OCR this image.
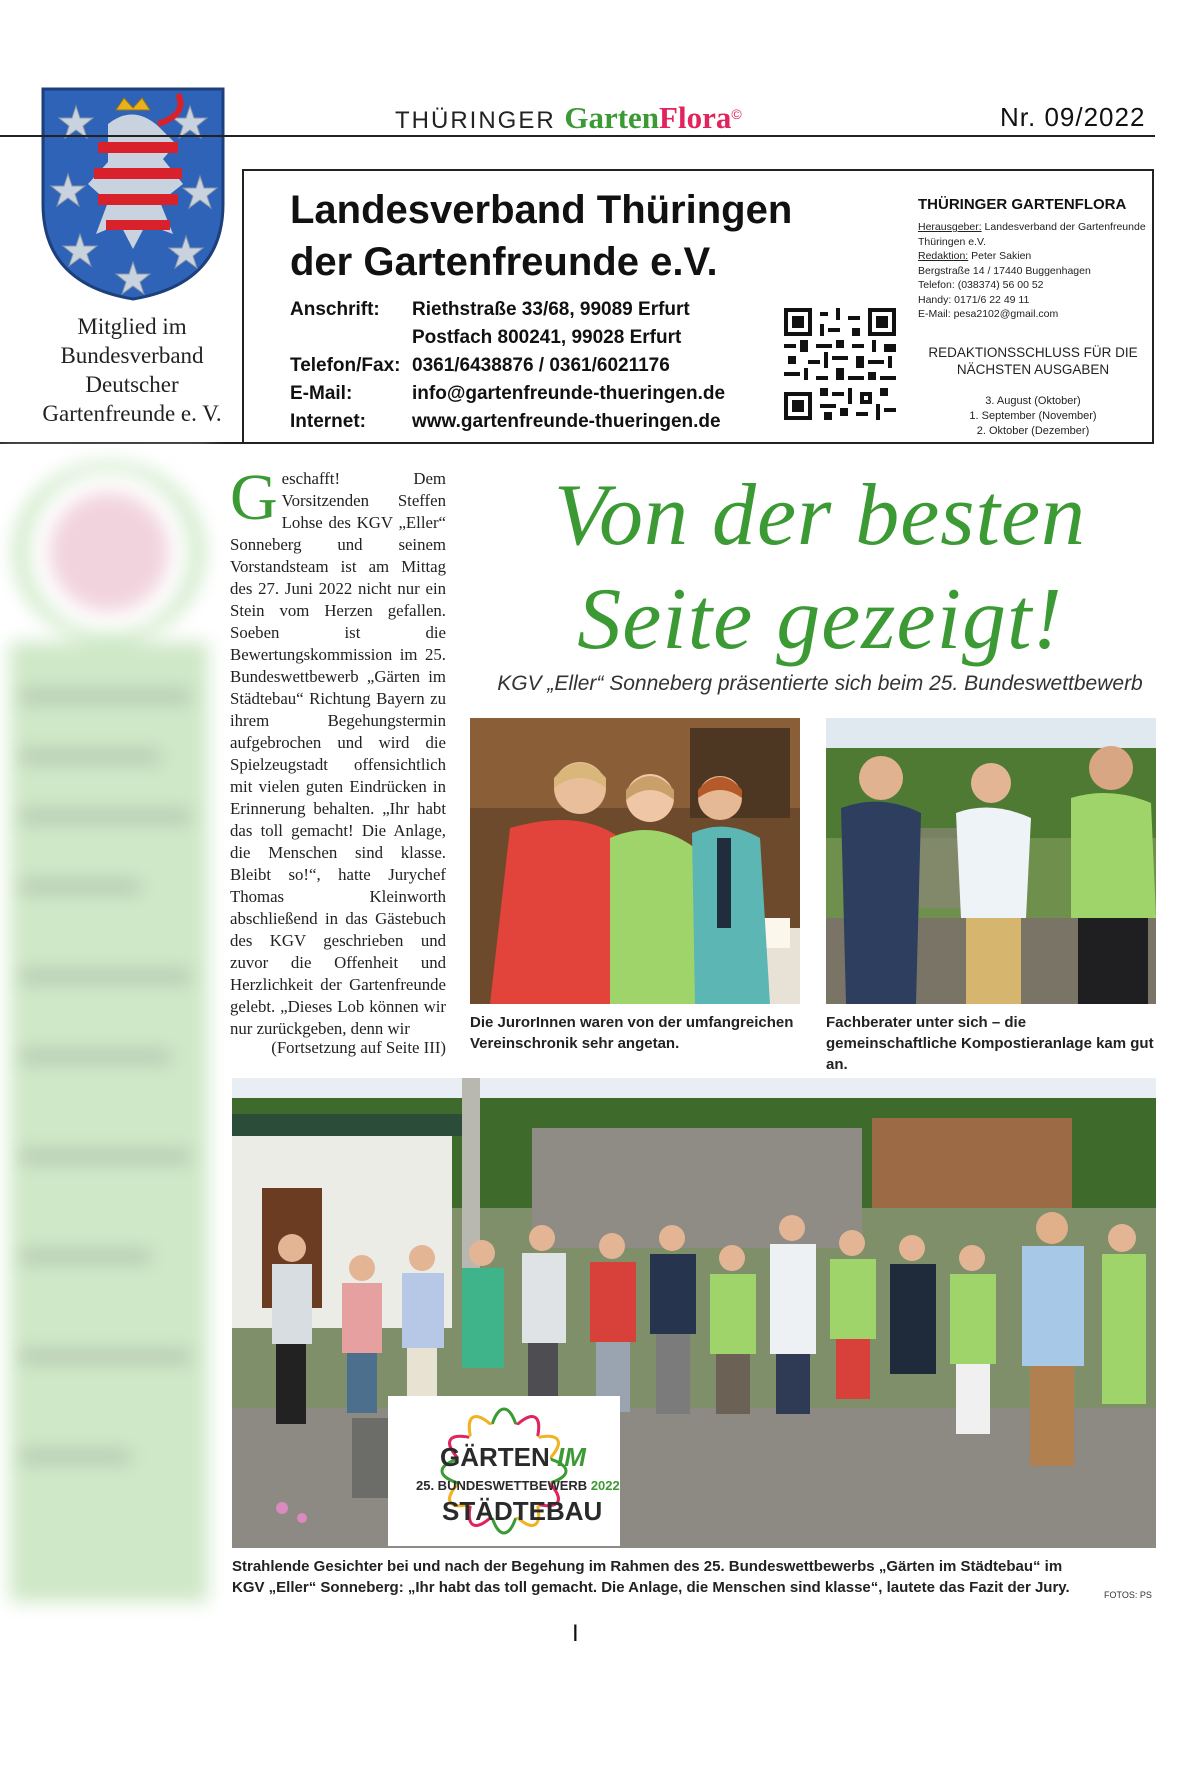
Mitglied im
Bundesverband
Deutscher
Gartenfreunde e. V.
THÜRINGER GartenFlora©	Nr. 09/2022
Landesverband Thüringen
der Gartenfreunde e.V.
Anschrift:	Riethstraße 33/68, 99089 Erfurt
Postfach 800241, 99028 Erfurt
Telefon/Fax: 0361/6438876 / 0361/6021176
E-Mail:	info@gartenfreunde-thueringen.de
Internet:	www.gartenfreunde-thueringen.de
THÜRINGER GARTENFLORA
Herausgeber: Landesverband der Gartenfreunde Thüringen e.V.
Redaktion: Peter Sakien
Bergstraße 14 / 17440 Buggenhagen
Telefon: (038374) 56 00 52
Handy: 0171/6 22 49 11
E-Mail: pesa2102@gmail.com
REDAKTIONSSCHLUSS FÜR DIE NÄCHSTEN AUSGABEN
3. August (Oktober)
1. September (November)
2. Oktober (Dezember)
Geschafft! Dem Vorsitzenden Steffen Lohse des KGV „Eller“ Sonneberg und seinem Vorstandsteam ist am Mittag des 27. Juni 2022 nicht nur ein Stein vom Herzen gefallen. Soeben ist die Bewertungskommission im 25. Bundeswettbewerb „Gärten im Städtebau“ Richtung Bayern zu ihrem Begehungstermin aufgebrochen und wird die Spielzeugstadt offensichtlich mit vielen guten Eindrücken in Erinnerung behalten. „Ihr habt das toll gemacht! Die Anlage, die Menschen sind klasse. Bleibt so!“, hatte Jurychef Thomas Kleinworth abschließend in das Gästebuch des KGV geschrieben und zuvor die Offenheit und Herzlichkeit der Gartenfreunde gelebt. „Dieses Lob können wir nur zurückgeben, denn wir
(Fortsetzung auf Seite III)
Von der besten
Seite gezeigt!
KGV „Eller“ Sonneberg präsentierte sich beim 25. Bundeswettbewerb
Die JurorInnen waren von der umfangreichen Vereinschronik sehr angetan.
Fachberater unter sich – die gemeinschaftliche Kompostieranlage kam gut an.
GÄRTEN IM
25. BUNDESWETTBEWERB 2022
STÄDTEBAU
Strahlende Gesichter bei und nach der Begehung im Rahmen des 25. Bundeswettbewerbs „Gärten im Städtebau“ im KGV „Eller“ Sonneberg: „Ihr habt das toll gemacht. Die Anlage, die Menschen sind klasse“, lautete das Fazit der Jury.	FOTOS: PS
I
